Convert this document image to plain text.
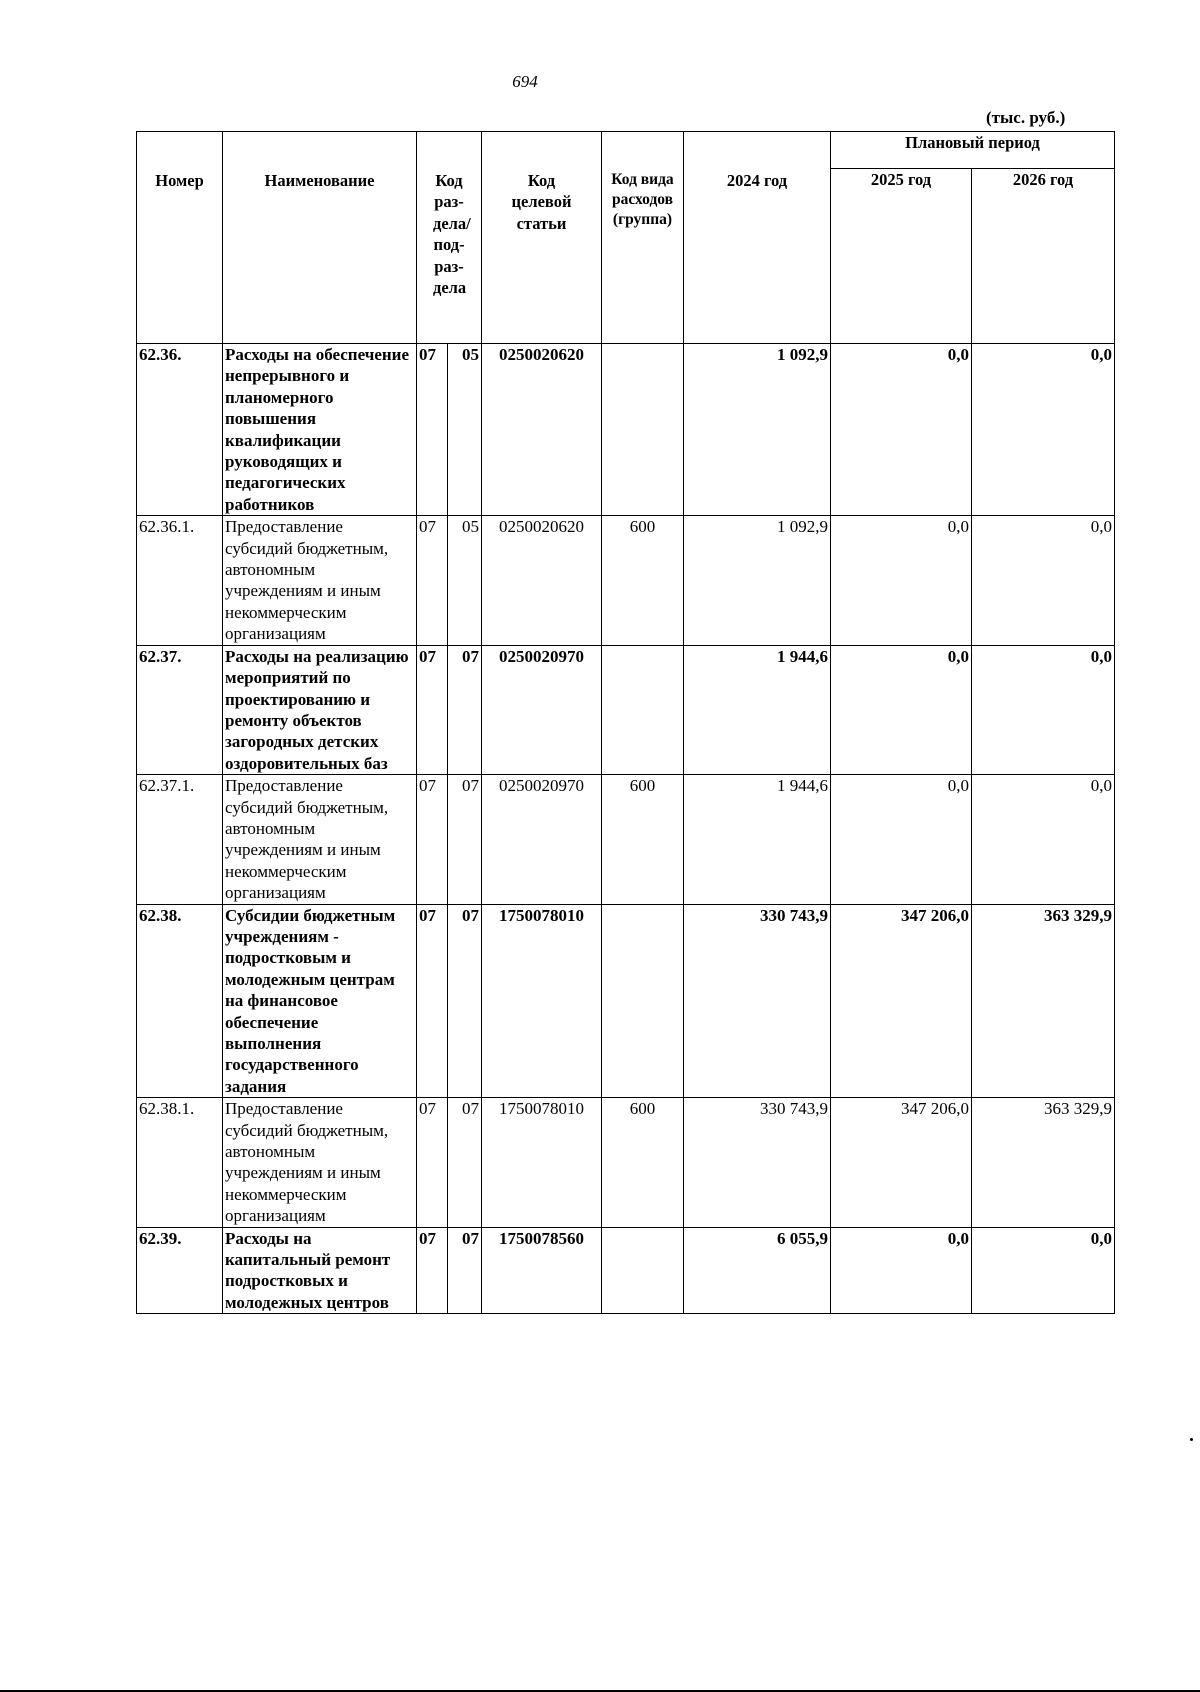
694
(тыс. руб.)
Номер	Наименование	Код раз-дела/ под-раз-дела		Код целевой статьи	Код вида расходов (группа)	2024 год	Плановый период	
							2025 год	2026 год
62.36.	Расходы на обеспечение непрерывного и планомерного повышения квалификации руководящих и педагогических работников	07	05	0250020620		1 092,9	0,0	0,0
62.36.1.	Предоставление субсидий бюджетным, автономным учреждениям и иным некоммерческим организациям	07	05	0250020620	600	1 092,9	0,0	0,0
62.37.	Расходы на реализацию мероприятий по проектированию и ремонту объектов загородных детских оздоровительных баз	07	07	0250020970		1 944,6	0,0	0,0
62.37.1.	Предоставление субсидий бюджетным, автономным учреждениям и иным некоммерческим организациям	07	07	0250020970	600	1 944,6	0,0	0,0
62.38.	Субсидии бюджетным учреждениям - подростковым и молодежным центрам на финансовое обеспечение выполнения государственного задания	07	07	1750078010		330 743,9	347 206,0	363 329,9
62.38.1.	Предоставление субсидий бюджетным, автономным учреждениям и иным некоммерческим организациям	07	07	1750078010	600	330 743,9	347 206,0	363 329,9
62.39.	Расходы на капитальный ремонт подростковых и молодежных центров	07	07	1750078560		6 055,9	0,0	0,0
